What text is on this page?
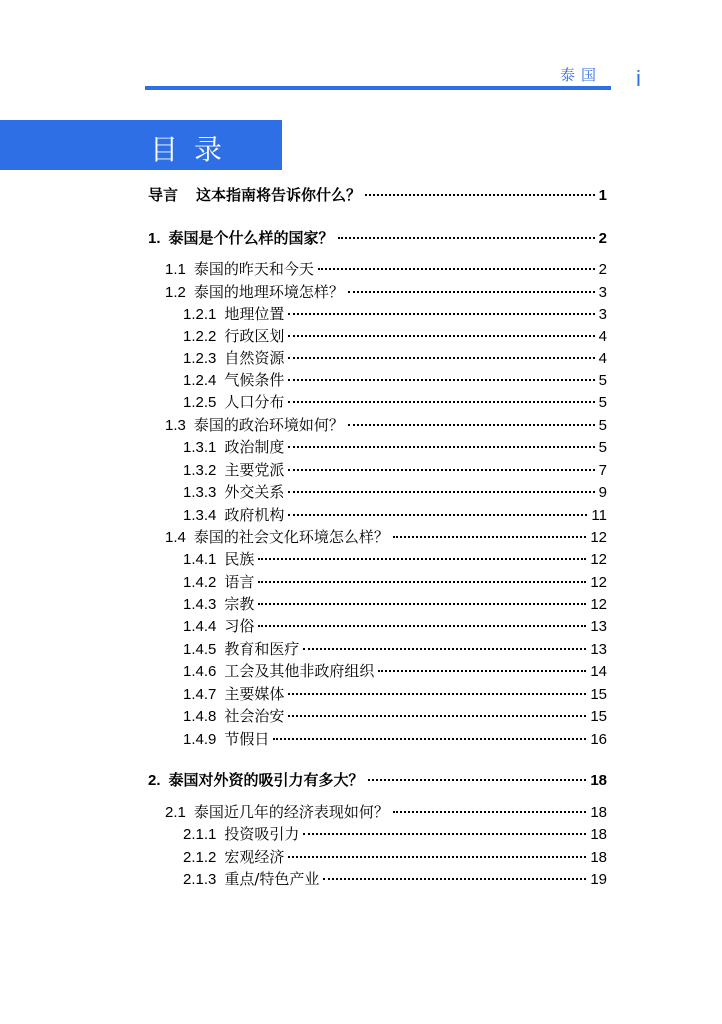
泰国 i
目录
导言 这本指南将告诉你什么？	1
1. 泰国是个什么样的国家？	2
1.1 泰国的昨天和今天	2
1.2 泰国的地理环境怎样？	3
1.2.1 地理位置	3
1.2.2 行政区划	4
1.2.3 自然资源	4
1.2.4 气候条件	5
1.2.5 人口分布	5
1.3 泰国的政治环境如何？	5
1.3.1 政治制度	5
1.3.2 主要党派	7
1.3.3 外交关系	9
1.3.4 政府机构	11
1.4 泰国的社会文化环境怎么样？	12
1.4.1 民族	12
1.4.2 语言	12
1.4.3 宗教	12
1.4.4 习俗	13
1.4.5 教育和医疗	13
1.4.6 工会及其他非政府组织	14
1.4.7 主要媒体	15
1.4.8 社会治安	15
1.4.9 节假日	16
2. 泰国对外资的吸引力有多大？	18
2.1 泰国近几年的经济表现如何？	18
2.1.1 投资吸引力	18
2.1.2 宏观经济	18
2.1.3 重点/特色产业	19
